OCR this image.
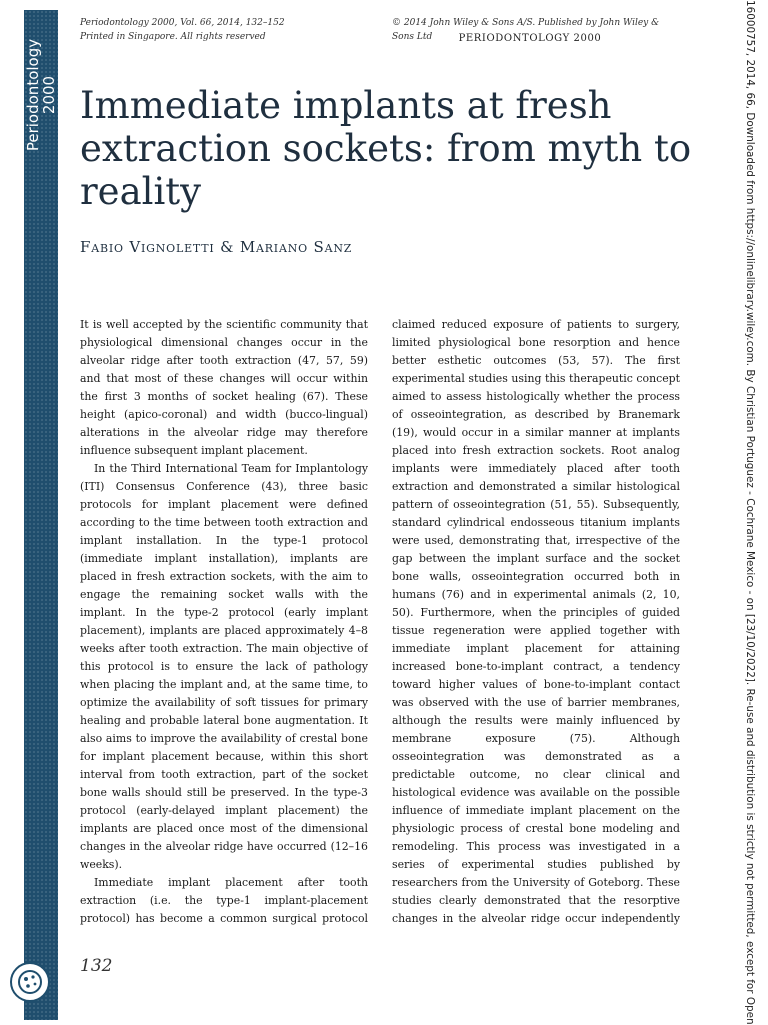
Periodontology
2000
Periodontology 2000, Vol. 66, 2014, 132–152
Printed in Singapore. All rights reserved
© 2014 John Wiley & Sons A/S. Published by John Wiley & Sons Ltd	PERIODONTOLOGY 2000
Immediate implants at fresh extraction sockets: from myth to reality
Fabio Vignoletti & Mariano Sanz

It is well accepted by the scientific community that physiological dimensional changes occur in the alveolar ridge after tooth extraction (47, 57, 59) and that most of these changes will occur within the first 3 months of socket healing (67). These height (apico-coronal) and width (bucco-lingual) alterations in the alveolar ridge may therefore influence subsequent implant placement.

In the Third International Team for Implantology (ITI) Consensus Conference (43), three basic protocols for implant placement were defined according to the time between tooth extraction and implant installation. In the type-1 protocol (immediate implant installation), implants are placed in fresh extraction sockets, with the aim to engage the remaining socket walls with the implant. In the type-2 protocol (early implant placement), implants are placed approximately 4–8 weeks after tooth extraction. The main objective of this protocol is to ensure the lack of pathology when placing the implant and, at the same time, to optimize the availability of soft tissues for primary healing and probable lateral bone augmentation. It also aims to improve the availability of crestal bone for implant placement because, within this short interval from tooth extraction, part of the socket bone walls should still be preserved. In the type-3 protocol (early-delayed implant placement) the implants are placed once most of the dimensional changes in the alveolar ridge have occurred (12–16 weeks).

Immediate implant placement after tooth extraction (i.e. the type-1 implant-placement protocol) has become a common surgical protocol

claimed reduced exposure of patients to surgery, limited physiological bone resorption and hence better esthetic outcomes (53, 57). The first experimental studies using this therapeutic concept aimed to assess histologically whether the process of osseointegration, as described by Branemark (19), would occur in a similar manner at implants placed into fresh extraction sockets. Root analog implants were immediately placed after tooth extraction and demonstrated a similar histological pattern of osseointegration (51, 55). Subsequently, standard cylindrical endosseous titanium implants were used, demonstrating that, irrespective of the gap between the implant surface and the socket bone walls, osseointegration occurred both in humans (76) and in experimental animals (2, 10, 50). Furthermore, when the principles of guided tissue regeneration were applied together with immediate implant placement for attaining increased bone-to-implant contract, a tendency toward higher values of bone-to-implant contact was observed with the use of barrier membranes, although the results were mainly influenced by membrane exposure (75). Although osseointegration was demonstrated as a predictable outcome, no clear clinical and histological evidence was available on the possible influence of immediate implant placement on the physiologic process of crestal bone modeling and remodeling. This process was investigated in a series of experimental studies published by researchers from the University of Goteborg. These studies clearly demonstrated that the resorptive changes in the alveolar ridge occur independently

132	16000757, 2014, 66, Downloaded from https://onlinelibrary.wiley.com. By Christian Portuguez - Cochrane Mexico - on [23/10/2022]. Re-use and distribution is strictly not permitted, except for Open
